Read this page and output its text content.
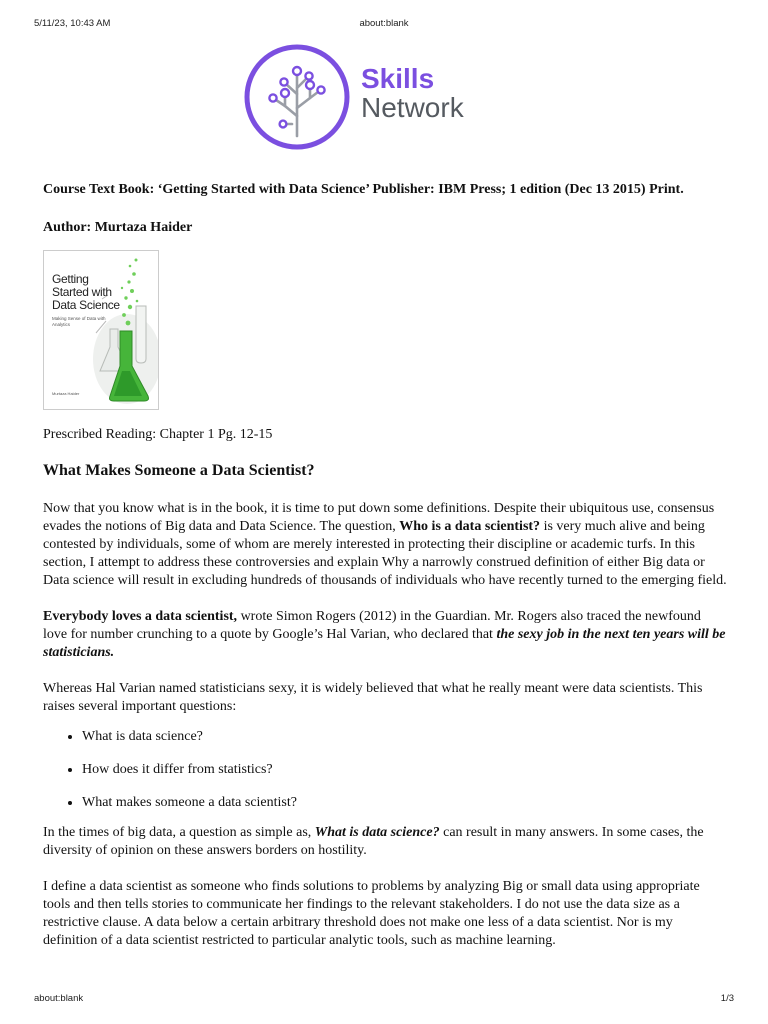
5/11/23, 10:43 AM	about:blank
Skills
Network

Course Text Book: ‘Getting Started with Data Science’ Publisher: IBM Press; 1 edition (Dec 13 2015) Print.

Author: Murtaza Haider

Getting
Started with
Data Science
Making Sense of Data with Analytics
Murtaza Haider

Prescribed Reading: Chapter 1 Pg. 12-15

What Makes Someone a Data Scientist?

Now that you know what is in the book, it is time to put down some definitions. Despite their ubiquitous use, consensus evades the notions of Big data and Data Science. The question, Who is a data scientist? is very much alive and being contested by individuals, some of whom are merely interested in protecting their discipline or academic turfs. In this section, I attempt to address these controversies and explain Why a narrowly construed definition of either Big data or Data science will result in excluding hundreds of thousands of individuals who have recently turned to the emerging field.

Everybody loves a data scientist, wrote Simon Rogers (2012) in the Guardian. Mr. Rogers also traced the newfound love for number crunching to a quote by Google’s Hal Varian, who declared that the sexy job in the next ten years will be statisticians.

Whereas Hal Varian named statisticians sexy, it is widely believed that what he really meant were data scientists. This raises several important questions:

• What is data science?
• How does it differ from statistics?
• What makes someone a data scientist?

In the times of big data, a question as simple as, What is data science? can result in many answers. In some cases, the diversity of opinion on these answers borders on hostility.

I define a data scientist as someone who finds solutions to problems by analyzing Big or small data using appropriate tools and then tells stories to communicate her findings to the relevant stakeholders. I do not use the data size as a restrictive clause. A data below a certain arbitrary threshold does not make one less of a data scientist. Nor is my definition of a data scientist restricted to particular analytic tools, such as machine learning.

about:blank	1/3
